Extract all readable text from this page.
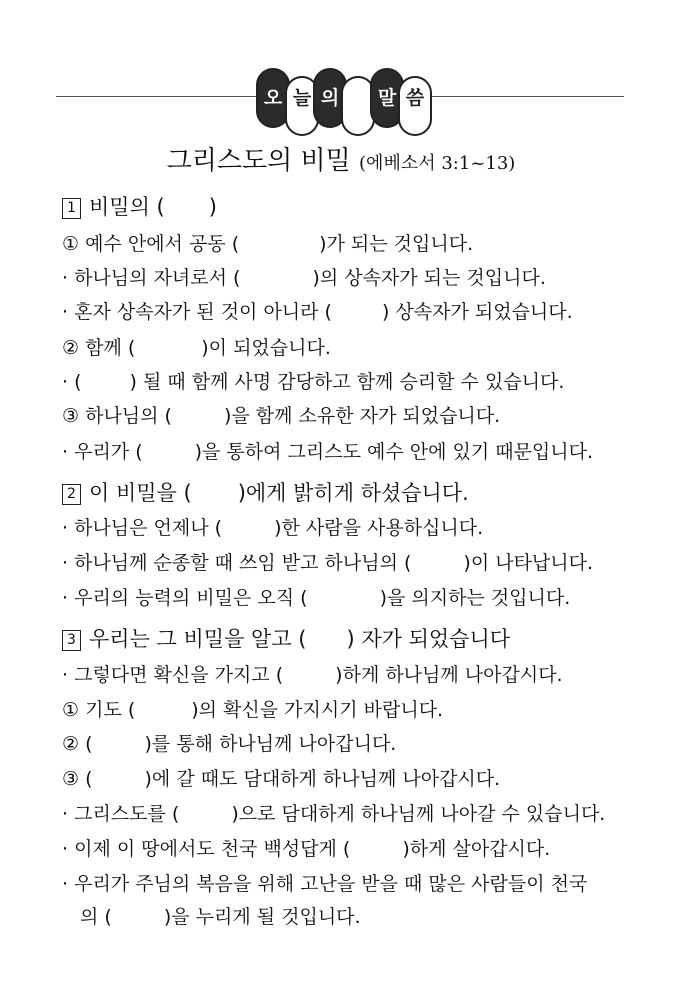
오 늘 의	말 씀
그리스도의 비밀 (에베소서 3:1~13)
1 비밀의 ( )
① 예수 안에서 공동 (	)가 되는 것입니다.
· 하나님의 자녀로서 (	)의 상속자가 되는 것입니다.
· 혼자 상속자가 된 것이 아니라 (	) 상속자가 되었습니다.
② 함께 (	)이 되었습니다.
· (	) 될 때 함께 사명 감당하고 함께 승리할 수 있습니다.
③ 하나님의 (	)을 함께 소유한 자가 되었습니다.
· 우리가 (	)을 통하여 그리스도 예수 안에 있기 때문입니다.
2 이 비밀을 ( )에게 밝히게 하셨습니다.
· 하나님은 언제나 (	)한 사람을 사용하십니다.
· 하나님께 순종할 때 쓰임 받고 하나님의 (	)이 나타납니다.
· 우리의 능력의 비밀은 오직 (	)을 의지하는 것입니다.
3 우리는 그 비밀을 알고 ( ) 자가 되었습니다
· 그렇다면 확신을 가지고 (	)하게 하나님께 나아갑시다.
① 기도 (	)의 확신을 가지시기 바랍니다.
② (	)를 통해 하나님께 나아갑니다.
③ (	)에 갈 때도 담대하게 하나님께 나아갑시다.
· 그리스도를 (	)으로 담대하게 하나님께 나아갈 수 있습니다.
· 이제 이 땅에서도 천국 백성답게 (	)하게 살아갑시다.
· 우리가 주님의 복음을 위해 고난을 받을 때 많은 사람들이 천국
의 (	)을 누리게 될 것입니다.
